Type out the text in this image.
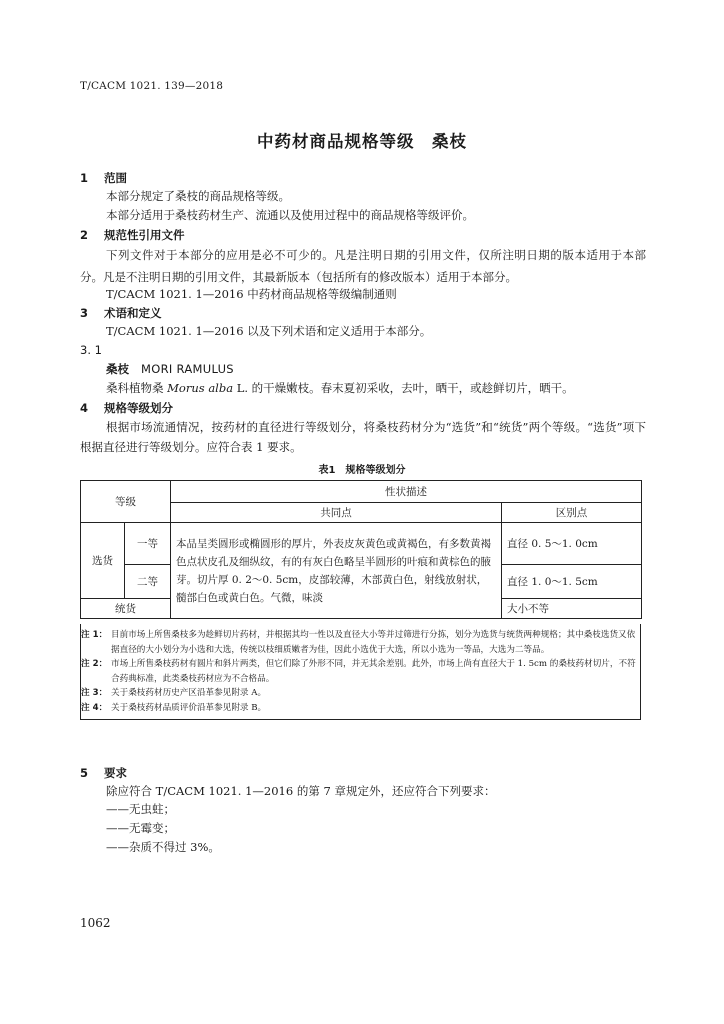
T/CACM 1021. 139—2018
中药材商品规格等级　桑枝
1 范围
本部分规定了桑枝的商品规格等级。
本部分适用于桑枝药材生产、流通以及使用过程中的商品规格等级评价。
2 规范性引用文件
下列文件对于本部分的应用是必不可少的。凡是注明日期的引用文件，仅所注明日期的版本适用于本部分。凡是不注明日期的引用文件，其最新版本（包括所有的修改版本）适用于本部分。
T/CACM 1021. 1—2016 中药材商品规格等级编制通则
3 术语和定义
T/CACM 1021. 1—2016 以及下列术语和定义适用于本部分。
3. 1
桑枝 MORI RAMULUS
桑科植物桑 Morus alba L. 的干燥嫩枝。春末夏初采收，去叶，晒干，或趁鲜切片，晒干。
4 规格等级划分
根据市场流通情况，按药材的直径进行等级划分，将桑枝药材分为“选货”和“统货”两个等级。“选货”项下根据直径进行等级划分。应符合表 1 要求。
表1　规格等级划分
等级		性状描述	
		共同点	区别点
选货	一等	本品呈类圆形或椭圆形的厚片，外表皮灰黄色或黄褐色，有多数黄褐色点状皮孔及细纵纹，有的有灰白色略呈半圆形的叶痕和黄棕色的腋芽。切片厚 0. 2～0. 5cm，皮部较薄，木部黄白色，射线放射状，髓部白色或黄白色。气微，味淡	直径 0. 5～1. 0cm
	二等		直径 1. 0～1. 5cm
统货			大小不等
注 1： 目前市场上所售桑枝多为趁鲜切片药材，并根据其均一性以及直径大小等并过筛进行分拣，划分为选货与统货两种规格；其中桑枝选货又依据直径的大小划分为小选和大选，传统以枝细质嫩者为佳，因此小选优于大选，所以小选为一等品，大选为二等品。
注 2： 市场上所售桑枝药材有圆片和斜片两类，但它们除了外形不同，并无其余差别。此外，市场上尚有直径大于 1. 5cm 的桑枝药材切片，不符合药典标准，此类桑枝药材应为不合格品。
注 3： 关于桑枝药材历史产区沿革参见附录 A。
注 4： 关于桑枝药材品质评价沿革参见附录 B。
5 要求
除应符合 T/CACM 1021. 1—2016 的第 7 章规定外，还应符合下列要求：
——无虫蛀；
——无霉变；
——杂质不得过 3%。
1062
